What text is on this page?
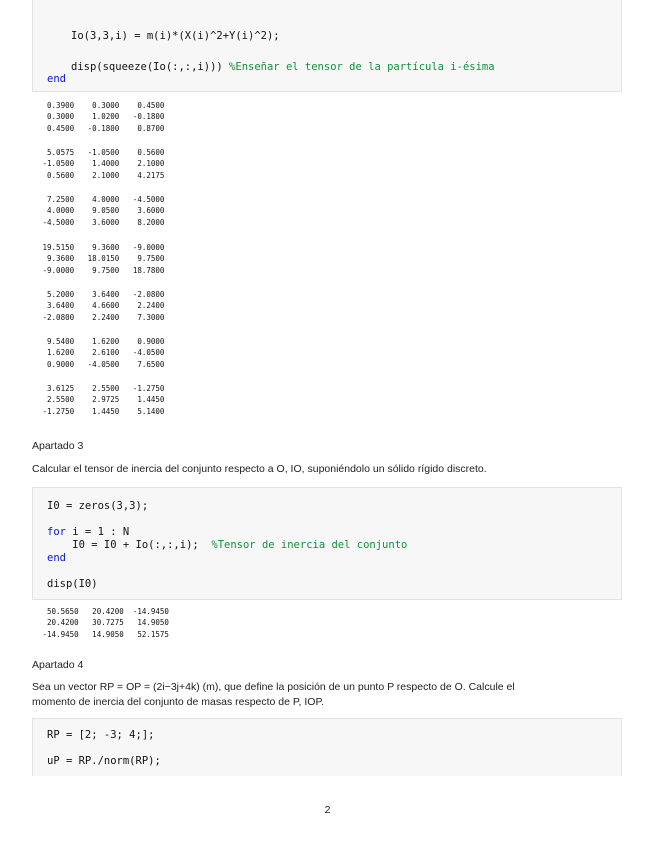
Io(3,3,i) = m(i)*(X(i)^2+Y(i)^2);
disp(squeeze(Io(:,:,i))) %Enseñar el tensor de la partícula i-ésima
end
0.3900    0.3000    0.4500
0.3000    1.0200   -0.1800
0.4500   -0.1800    0.8700
5.0575   -1.0500    0.5600
-1.0500    1.4000    2.1000
0.5600    2.1000    4.2175
7.2500    4.0000   -4.5000
4.0000    9.0500    3.6000
-4.5000    3.6000    8.2000
19.5150    9.3600   -9.0000
9.3600   18.0150    9.7500
-9.0000    9.7500   18.7800
5.2000    3.6400   -2.0800
3.6400    4.6600    2.2400
-2.0800    2.2400    7.3000
9.5400    1.6200    0.9000
1.6200    2.6100   -4.0500
0.9000   -4.0500    7.6500
3.6125    2.5500   -1.2750
2.5500    2.9725    1.4450
-1.2750    1.4450    5.1400
Apartado 3
Calcular el tensor de inercia del conjunto respecto a O, IO, suponiéndolo un sólido rígido discreto.
I0 = zeros(3,3);
for i = 1 : N
I0 = I0 + Io(:,:,i);  %Tensor de inercia del conjunto
end
disp(I0)
50.5650   20.4200  -14.9450
20.4200   30.7275   14.9050
-14.9450   14.9050   52.1575
Apartado 4
Sea un vector RP = OP = (2i−3j+4k) (m), que define la posición de un punto P respecto de O. Calcule el
momento de inercia del conjunto de masas respecto de P, IOP.
RP = [2; -3; 4;];
uP = RP./norm(RP);
2
